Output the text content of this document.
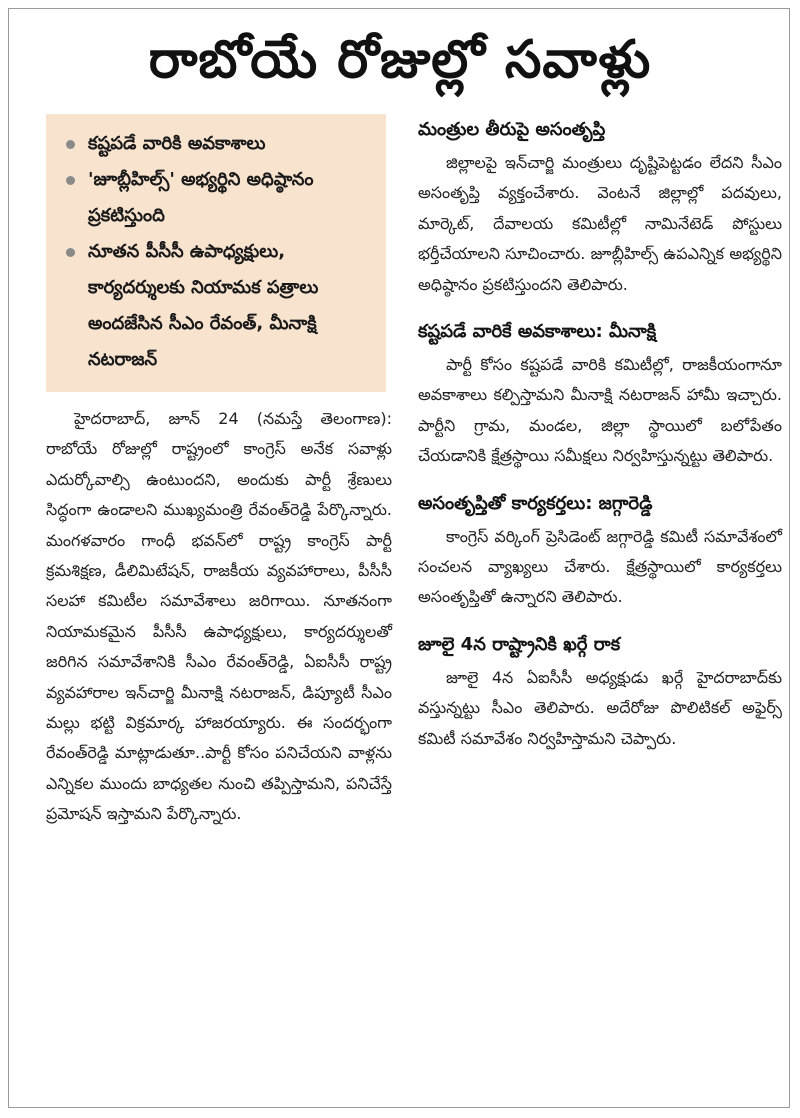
రాబోయే రోజుల్లో సవాళ్లు
కష్టపడే వారికి అవకాశాలు
'జూబ్లీహిల్స్' అభ్యర్థిని అధిష్ఠానం ప్రకటిస్తుంది
నూతన పీసీసీ ఉపాధ్యక్షులు, కార్యదర్శులకు నియామక పత్రాలు అందజేసిన సీఎం రేవంత్, మీనాక్షి నటరాజన్

హైదరాబాద్, జూన్ 24 (నమస్తే తెలంగాణ): రాబోయే రోజుల్లో రాష్ట్రంలో కాంగ్రెస్ అనేక సవాళ్లు ఎదుర్కోవాల్సి ఉంటుందని, అందుకు పార్టీ శ్రేణులు సిద్ధంగా ఉండాలని ముఖ్యమంత్రి రేవంత్‌రెడ్డి పేర్కొన్నారు. మంగళవారం గాంధీ భవన్‌లో రాష్ట్ర కాంగ్రెస్ పార్టీ క్రమశిక్షణ, డీలిమిటేషన్, రాజకీయ వ్యవహారాలు, పీసీసీ సలహా కమిటీల సమావేశాలు జరిగాయి. నూతనంగా నియామకమైన పీసీసీ ఉపాధ్యక్షులు, కార్యదర్శులతో జరిగిన సమావేశానికి సీఎం రేవంత్‌రెడ్డి, ఏఐసీసీ రాష్ట్ర వ్యవహారాల ఇన్‌చార్జి మీనాక్షి నటరాజన్, డిప్యూటీ సీఎం మల్లు భట్టి విక్రమార్క హాజరయ్యారు. ఈ సందర్భంగా రేవంత్‌రెడ్డి మాట్లాడుతూ..పార్టీ కోసం పనిచేయని వాళ్లను ఎన్నికల ముందు బాధ్యతల నుంచి తప్పిస్తామని, పనిచేస్తే ప్రమోషన్ ఇస్తామని పేర్కొన్నారు.

మంత్రుల తీరుపై అసంతృప్తి

జిల్లాలపై ఇన్‌చార్జి మంత్రులు దృష్టిపెట్టడం లేదని సీఎం అసంతృప్తి వ్యక్తంచేశారు. వెంటనే జిల్లాల్లో పదవులు, మార్కెట్, దేవాలయ కమిటీల్లో నామినేటెడ్ పోస్టులు భర్తీచేయాలని సూచించారు. జూబ్లీహిల్స్ ఉపఎన్నిక అభ్యర్థిని అధిష్ఠానం ప్రకటిస్తుందని తెలిపారు.

కష్టపడే వారికే అవకాశాలు: మీనాక్షి

పార్టీ కోసం కష్టపడే వారికి కమిటీల్లో, రాజకీయంగానూ అవకాశాలు కల్పిస్తామని మీనాక్షి నటరాజన్ హామీ ఇచ్చారు. పార్టీని గ్రామ, మండల, జిల్లా స్థాయిలో బలోపేతం చేయడానికి క్షేత్రస్థాయి సమీక్షలు నిర్వహిస్తున్నట్టు తెలిపారు.

అసంతృప్తితో కార్యకర్తలు: జగ్గారెడ్డి

కాంగ్రెస్ వర్కింగ్ ప్రెసిడెంట్ జగ్గారెడ్డి కమిటీ సమావేశంలో సంచలన వ్యాఖ్యలు చేశారు. క్షేత్రస్థాయిలో కార్యకర్తలు అసంతృప్తితో ఉన్నారని తెలిపారు.

జూలై 4న రాష్ట్రానికి ఖర్గే రాక

జూలై 4న ఏఐసీసీ అధ్యక్షుడు ఖర్గే హైదరాబాద్‌కు వస్తున్నట్టు సీఎం తెలిపారు. అదేరోజు పొలిటికల్ అఫైర్స్ కమిటీ సమావేశం నిర్వహిస్తామని చెప్పారు.
